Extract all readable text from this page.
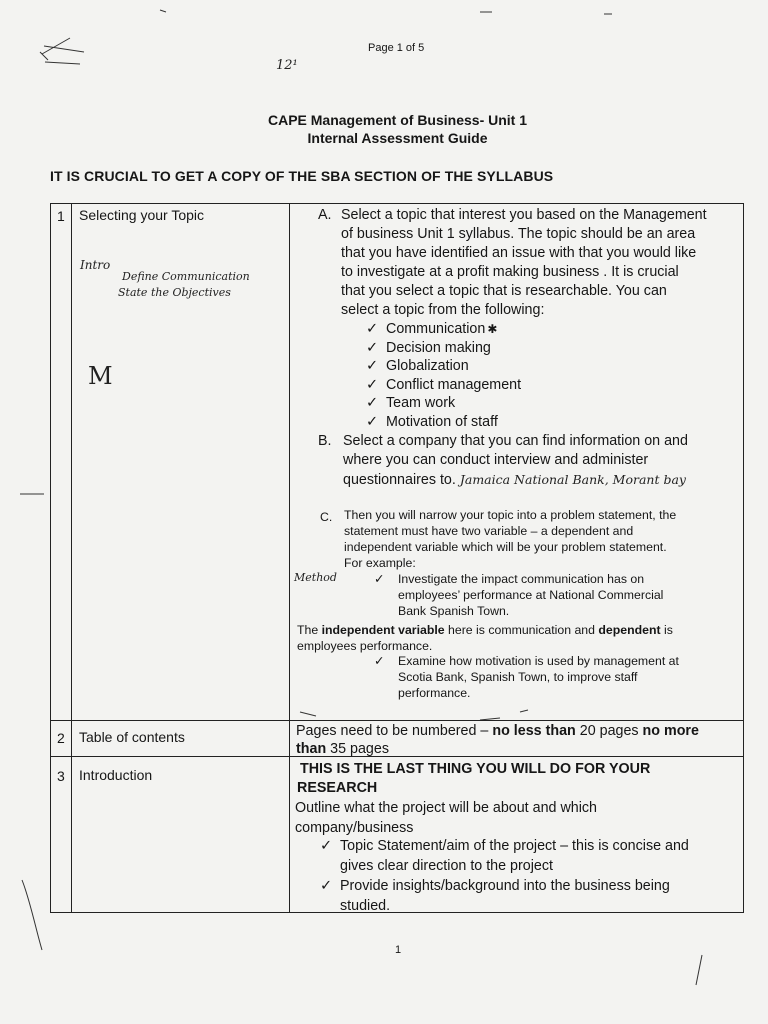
Page 1 of 5
12¹
CAPE Management of Business- Unit 1
Internal Assessment Guide
IT IS CRUCIAL TO GET A COPY OF THE SBA SECTION OF THE SYLLABUS
1 Selecting your Topic
Intro
Define Communication
State the Objectives
M
A. Select a topic that interest you based on the Management
of business Unit 1 syllabus. The topic should be an area
that you have identified an issue with that you would like
to investigate at a profit making business . It is crucial
that you select a topic that is researchable. You can
select a topic from the following:
✓ Communication ✱
✓ Decision making
✓ Globalization
✓ Conflict management
✓ Team work
✓ Motivation of staff
B. Select a company that you can find information on and
where you can conduct interview and administer
questionnaires to. Jamaica National Bank, Morant bay
C. Then you will narrow your topic into a problem statement, the
statement must have two variable – a dependent and
independent variable which will be your problem statement.
For example:
Method	✓ Investigate the impact communication has on
employees’ performance at National Commercial
Bank Spanish Town.
The independent variable here is communication and dependent is
employees performance.
✓ Examine how motivation is used by management at
Scotia Bank, Spanish Town, to improve staff
performance.
2 Table of contents	Pages need to be numbered – no less than 20 pages no more
than 35 pages
3 Introduction	THIS IS THE LAST THING YOU WILL DO FOR YOUR
RESEARCH
Outline what the project will be about and which
company/business
✓ Topic Statement/aim of the project – this is concise and
gives clear direction to the project
✓ Provide insights/background into the business being
studied.
1
